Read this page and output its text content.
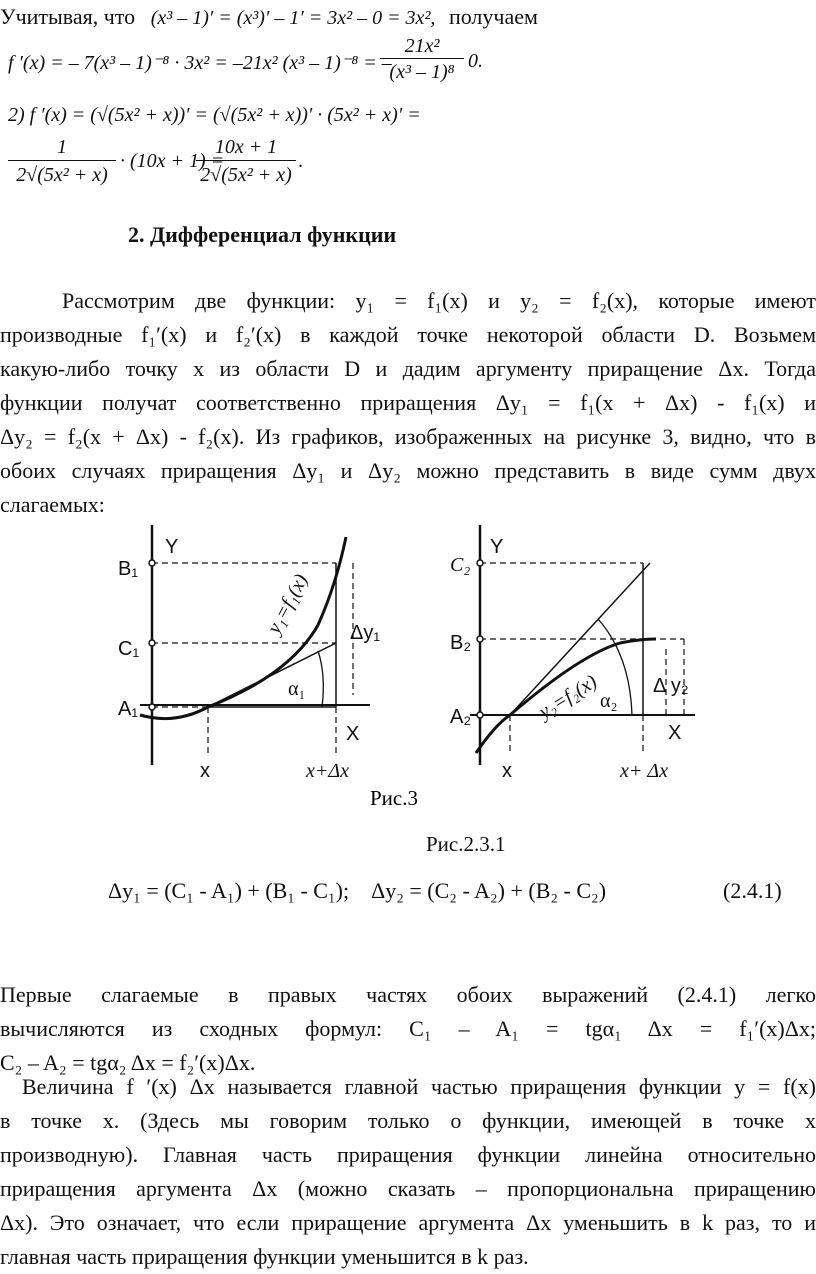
Учитывая, что (x³ – 1)′ = (x³)′ – 1′ = 3x² – 0 = 3x², получаем
f ′(x) = – 7(x³ – 1)⁻⁸ · 3x² = –21x² (x³ – 1)⁻⁸ = –
21x²
(x³ – 1)⁸ 0.
2) f ′(x) = (√(5x² + x))′ = (√(5x² + x))′ · (5x² + x)′ =
1
2√(5x² + x)
· (10x + 1) =
10x + 1
2√(5x² + x)
.
2. Дифференциал функции
Рассмотрим две функции: y₁ = f₁(x) и y₂ = f₂(x), которые имеют
производные f₁′(x) и f₂′(x) в каждой точке некоторой области D. Возьмем
какую-либо точку x из области D и дадим аргументу приращение Δx. Тогда
функции получат соответственно приращения Δy₁ = f₁(x + Δx) - f₁(x) и
Δy₂ = f₂(x + Δx) - f₂(x). Из графиков, изображенных на рисунке 3, видно, что в
обоих случаях приращения Δy₁ и Δy₂ можно представить в виде сумм двух
слагаемых:
Y
B₁
C₁
A₁
Δy₁
α₁
X
x	x+Δx
y₁=f₁(x)
Y
C₂
B₂
A₂
Δ y₂
α₂
X
x	x+ Δx
y₂=f₂(x)
Рис.3
Рис.2.3.1
Δy₁ = (C₁ - A₁) + (B₁ - C₁);    Δy₂ = (C₂ - A₂) + (B₂ - C₂)	(2.4.1)
Первые слагаемые в правых частях обоих выражений (2.4.1) легко
вычисляются из сходных формул: C₁ – A₁ = tgα₁ Δx = f₁′(x)Δx;
C₂ – A₂ = tgα₂ Δx = f₂′(x)Δx.
Величина f ′(x) Δx называется главной частью приращения функции y = f(x)
в точке x. (Здесь мы говорим только о функции, имеющей в точке x
производную). Главная часть приращения функции линейна относительно
приращения аргумента Δx (можно сказать – пропорциональна приращению
Δx). Это означает, что если приращение аргумента Δx уменьшить в k раз, то и
главная часть приращения функции уменьшится в k раз.
